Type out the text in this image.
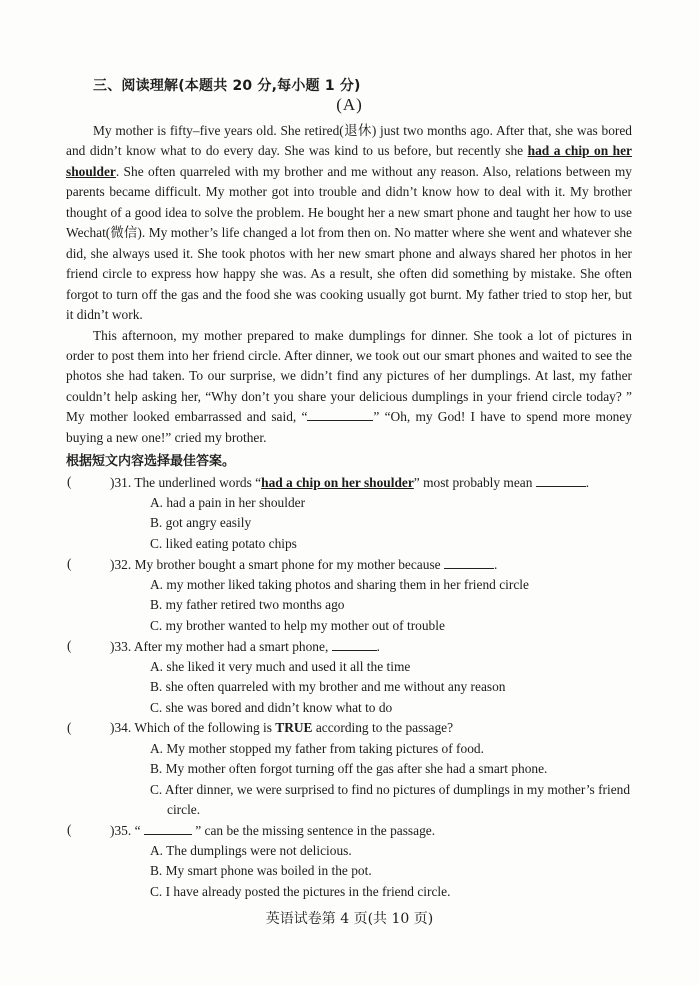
三、阅读理解(本题共 20 分,每小题 1 分)
(A)

My mother is fifty–five years old. She retired(退休) just two months ago. After that, she was bored and didn’t know what to do every day. She was kind to us before, but recently she had a chip on her shoulder. She often quarreled with my brother and me without any reason. Also, relations between my parents became difficult. My mother got into trouble and didn’t know how to deal with it. My brother thought of a good idea to solve the problem. He bought her a new smart phone and taught her how to use Wechat(微信). My mother’s life changed a lot from then on. No matter where she went and whatever she did, she always used it. She took photos with her new smart phone and always shared her photos in her friend circle to express how happy she was. As a result, she often did something by mistake. She often forgot to turn off the gas and the food she was cooking usually got burnt. My father tried to stop her, but it didn’t work.

This afternoon, my mother prepared to make dumplings for dinner. She took a lot of pictures in order to post them into her friend circle. After dinner, we took out our smart phones and waited to see the photos she had taken. To our surprise, we didn’t find any pictures of her dumplings. At last, my father couldn’t help asking her, “Why don’t you share your delicious dumplings in your friend circle today? ” My mother looked embarrassed and said, “	” “Oh, my God! I have to spend more money buying a new one!” cried my brother.

根据短文内容选择最佳答案。
(	)31. The underlined words “had a chip on her shoulder” most probably mean	.
A. had a pain in her shoulder
B. got angry easily
C. liked eating potato chips
(	)32. My brother bought a smart phone for my mother because	.
A. my mother liked taking photos and sharing them in her friend circle
B. my father retired two months ago
C. my brother wanted to help my mother out of trouble
(	)33. After my mother had a smart phone,	.
A. she liked it very much and used it all the time
B. she often quarreled with my brother and me without any reason
C. she was bored and didn’t know what to do
(	)34. Which of the following is TRUE according to the passage?
A. My mother stopped my father from taking pictures of food.
B. My mother often forgot turning off the gas after she had a smart phone.
C. After dinner, we were surprised to find no pictures of dumplings in my mother’s friend
circle.
(	)35. “	” can be the missing sentence in the passage.
A. The dumplings were not delicious.
B. My smart phone was boiled in the pot.
C. I have already posted the pictures in the friend circle.
英语试卷第 4 页(共 10 页)
